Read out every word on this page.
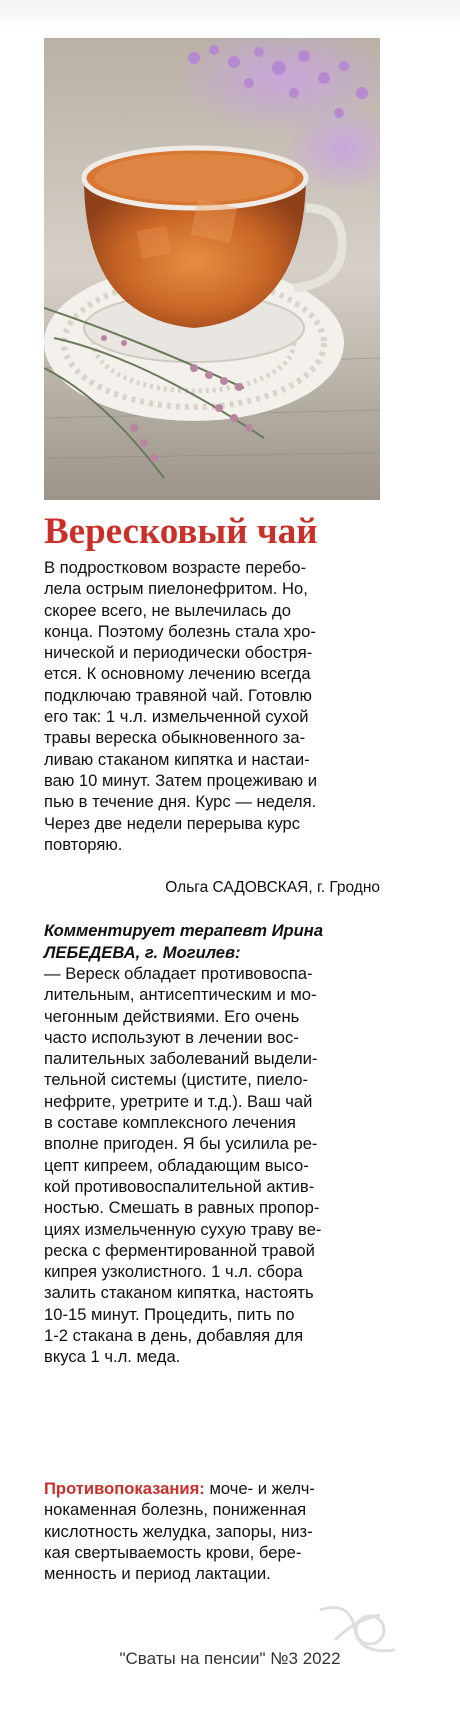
Вересковый чай

В подростковом возрасте перебо-
лела острым пиелонефритом. Но,
скорее всего, не вылечилась до
конца. Поэтому болезнь стала хро-
нической и периодически обостря-
ется. К основному лечению всегда
подключаю травяной чай. Готовлю
его так: 1 ч.л. измельченной сухой
травы вереска обыкновенного за-
ливаю стаканом кипятка и настаи-
ваю 10 минут. Затем процеживаю и
пью в течение дня. Курс — неделя.
Через две недели перерыва курс
повторяю.

Ольга САДОВСКАЯ, г. Гродно

Комментирует терапевт Ирина
ЛЕБЕДЕВА, г. Могилев:

— Вереск обладает противовоспа-
лительным, антисептическим и мо-
чегонным действиями. Его очень
часто используют в лечении вос-
палительных заболеваний выдели-
тельной системы (цистите, пиело-
нефрите, уретрите и т.д.). Ваш чай
в составе комплексного лечения
вполне пригоден. Я бы усилила ре-
цепт кипреем, обладающим высо-
кой противовоспалительной актив-
ностью. Смешать в равных пропор-
циях измельченную сухую траву ве-
реска с ферментированной травой
кипрея узколистного. 1 ч.л. сбора
залить стаканом кипятка, настоять
10-15 минут. Процедить, пить по
1-2 стакана в день, добавляя для
вкуса 1 ч.л. меда.

Противопоказания: моче- и желч-
нокаменная болезнь, пониженная
кислотность желудка, запоры, низ-
кая свертываемость крови, бере-
менность и период лактации.

"Сваты на пенсии" №3 2022
